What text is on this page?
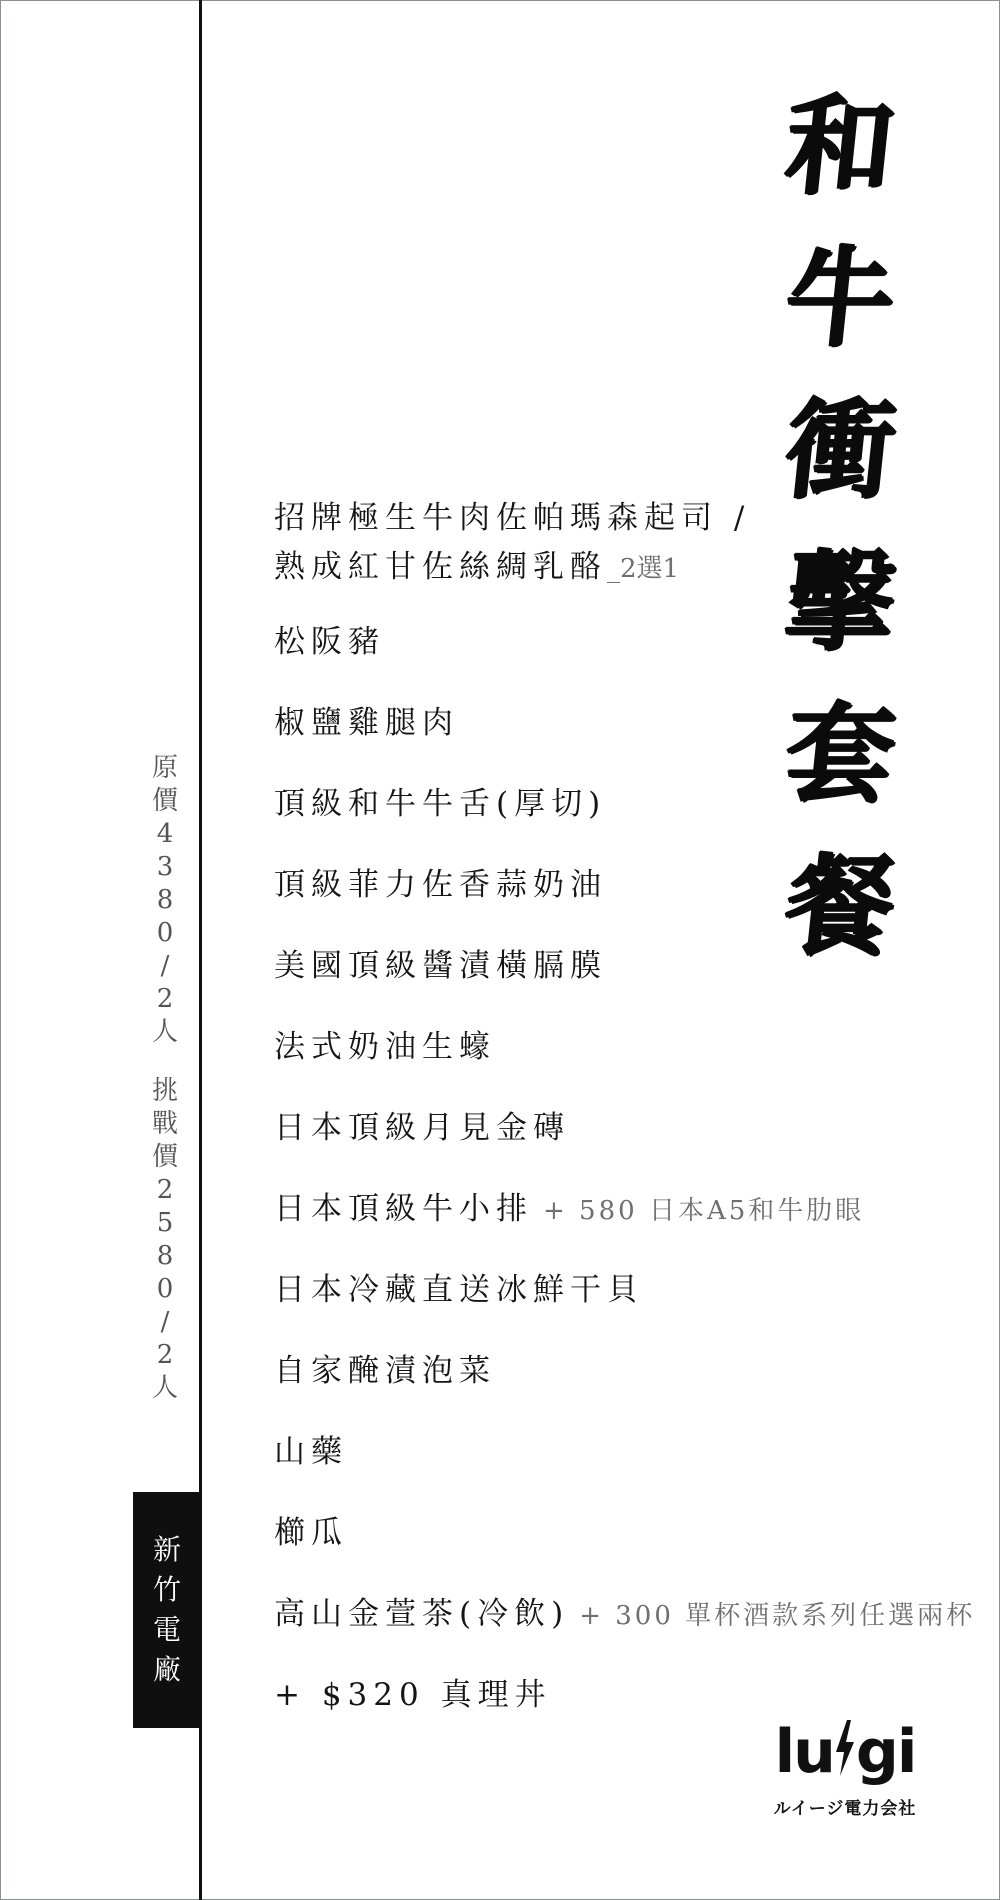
和
牛
衝
擊
套
餐
原
價
4
3
8
0
/
2
人
挑
戰
價
2
5
8
0
/
2
人
新
竹
電
廠
招牌極生牛肉佐帕瑪森起司 /
熟成紅甘佐絲綢乳酪_2選1
松阪豬
椒鹽雞腿肉
頂級和牛牛舌(厚切)
頂級菲力佐香蒜奶油
美國頂級醬漬橫膈膜
法式奶油生蠔
日本頂級月見金磚
日本頂級牛小排 + 580 日本A5和牛肋眼
日本冷藏直送冰鮮干貝
自家醃漬泡菜
山藥
櫛瓜
高山金萱茶(冷飲) + 300 單杯酒款系列任選兩杯
+ $320 真理丼
lu gi
ルイージ電力会社
